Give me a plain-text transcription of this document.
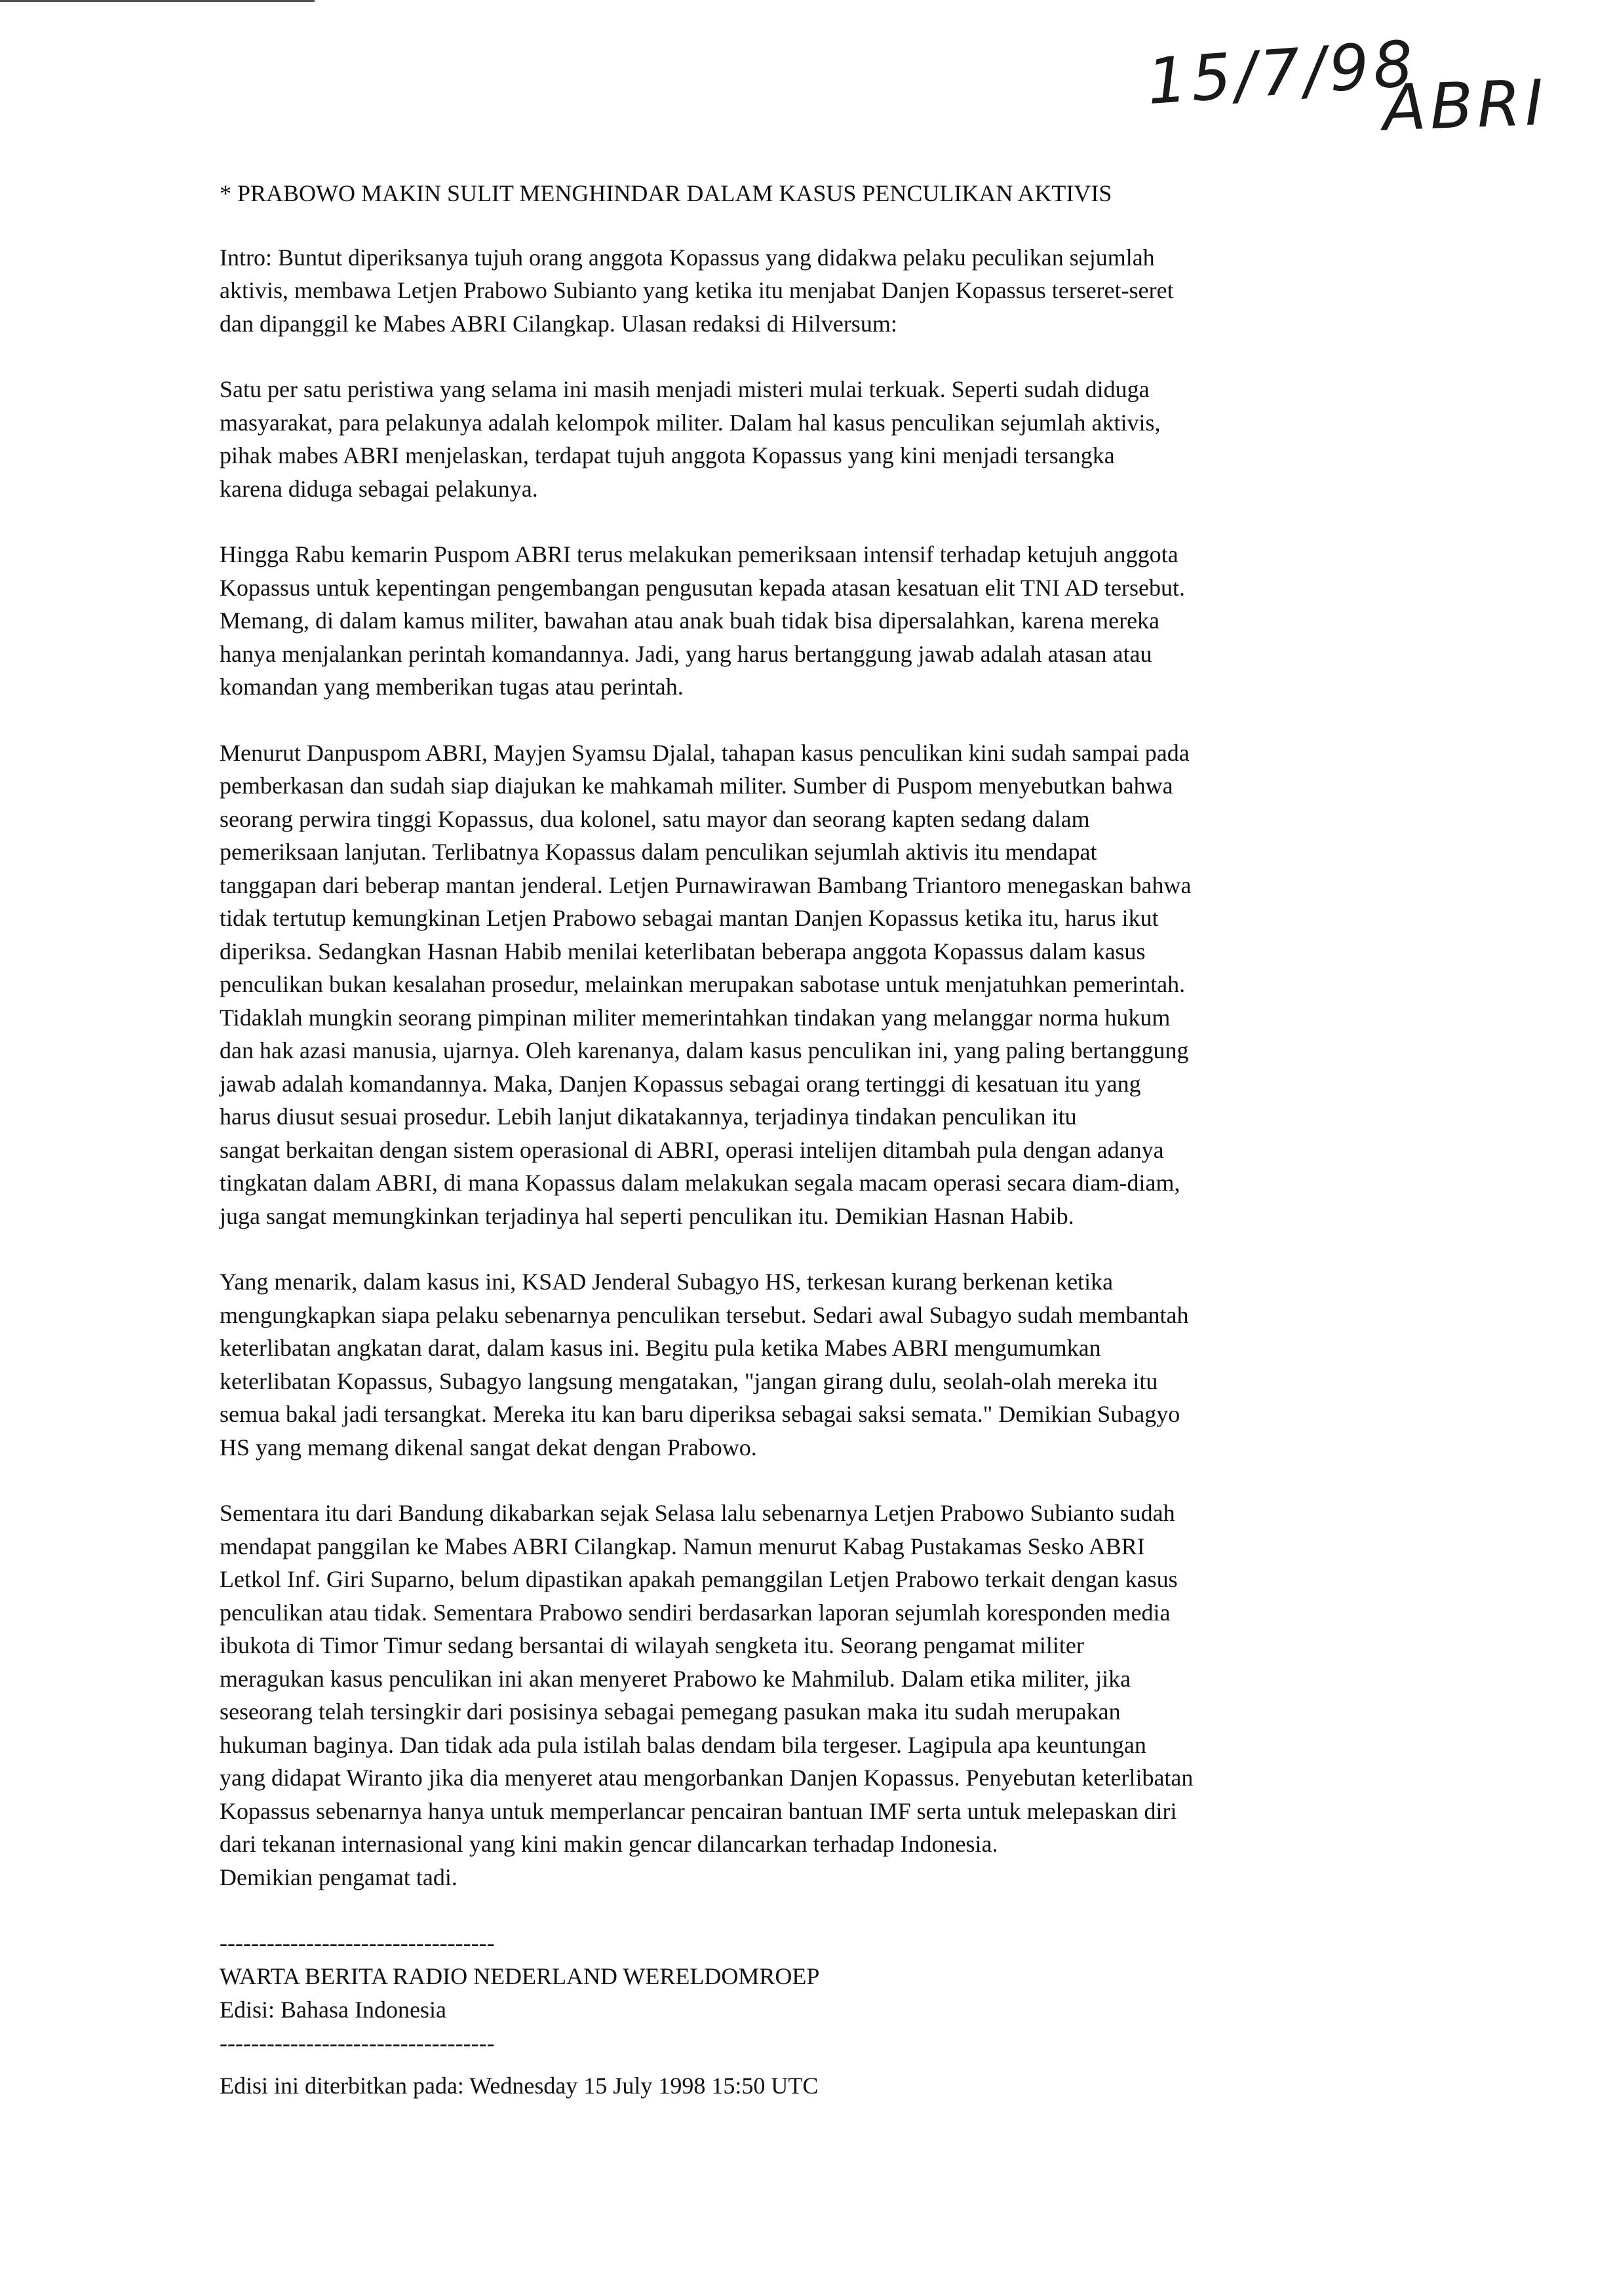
15/7/98
ABRI
* PRABOWO MAKIN SULIT MENGHINDAR DALAM KASUS PENCULIKAN AKTIVIS
Intro: Buntut diperiksanya tujuh orang anggota Kopassus yang didakwa pelaku peculikan sejumlah
aktivis, membawa Letjen Prabowo Subianto yang ketika itu menjabat Danjen Kopassus terseret-seret
dan dipanggil ke Mabes ABRI Cilangkap. Ulasan redaksi di Hilversum:
Satu per satu peristiwa yang selama ini masih menjadi misteri mulai terkuak. Seperti sudah diduga
masyarakat, para pelakunya adalah kelompok militer. Dalam hal kasus penculikan sejumlah aktivis,
pihak mabes ABRI menjelaskan, terdapat tujuh anggota Kopassus yang kini menjadi tersangka
karena diduga sebagai pelakunya.
Hingga Rabu kemarin Puspom ABRI terus melakukan pemeriksaan intensif terhadap ketujuh anggota
Kopassus untuk kepentingan pengembangan pengusutan kepada atasan kesatuan elit TNI AD tersebut.
Memang, di dalam kamus militer, bawahan atau anak buah tidak bisa dipersalahkan, karena mereka
hanya menjalankan perintah komandannya. Jadi, yang harus bertanggung jawab adalah atasan atau
komandan yang memberikan tugas atau perintah.
Menurut Danpuspom ABRI, Mayjen Syamsu Djalal, tahapan kasus penculikan kini sudah sampai pada
pemberkasan dan sudah siap diajukan ke mahkamah militer. Sumber di Puspom menyebutkan bahwa
seorang perwira tinggi Kopassus, dua kolonel, satu mayor dan seorang kapten sedang dalam
pemeriksaan lanjutan. Terlibatnya Kopassus dalam penculikan sejumlah aktivis itu mendapat
tanggapan dari beberap mantan jenderal. Letjen Purnawirawan Bambang Triantoro menegaskan bahwa
tidak tertutup kemungkinan Letjen Prabowo sebagai mantan Danjen Kopassus ketika itu, harus ikut
diperiksa. Sedangkan Hasnan Habib menilai keterlibatan beberapa anggota Kopassus dalam kasus
penculikan bukan kesalahan prosedur, melainkan merupakan sabotase untuk menjatuhkan pemerintah.
Tidaklah mungkin seorang pimpinan militer memerintahkan tindakan yang melanggar norma hukum
dan hak azasi manusia, ujarnya. Oleh karenanya, dalam kasus penculikan ini, yang paling bertanggung
jawab adalah komandannya. Maka, Danjen Kopassus sebagai orang tertinggi di kesatuan itu yang
harus diusut sesuai prosedur. Lebih lanjut dikatakannya, terjadinya tindakan penculikan itu
sangat berkaitan dengan sistem operasional di ABRI, operasi intelijen ditambah pula dengan adanya
tingkatan dalam ABRI, di mana Kopassus dalam melakukan segala macam operasi secara diam-diam,
juga sangat memungkinkan terjadinya hal seperti penculikan itu. Demikian Hasnan Habib.
Yang menarik, dalam kasus ini, KSAD Jenderal Subagyo HS, terkesan kurang berkenan ketika
mengungkapkan siapa pelaku sebenarnya penculikan tersebut. Sedari awal Subagyo sudah membantah
keterlibatan angkatan darat, dalam kasus ini. Begitu pula ketika Mabes ABRI mengumumkan
keterlibatan Kopassus, Subagyo langsung mengatakan, "jangan girang dulu, seolah-olah mereka itu
semua bakal jadi tersangkat. Mereka itu kan baru diperiksa sebagai saksi semata." Demikian Subagyo
HS yang memang dikenal sangat dekat dengan Prabowo.
Sementara itu dari Bandung dikabarkan sejak Selasa lalu sebenarnya Letjen Prabowo Subianto sudah
mendapat panggilan ke Mabes ABRI Cilangkap. Namun menurut Kabag Pustakamas Sesko ABRI
Letkol Inf. Giri Suparno, belum dipastikan apakah pemanggilan Letjen Prabowo terkait dengan kasus
penculikan atau tidak. Sementara Prabowo sendiri berdasarkan laporan sejumlah koresponden media
ibukota di Timor Timur sedang bersantai di wilayah sengketa itu. Seorang pengamat militer
meragukan kasus penculikan ini akan menyeret Prabowo ke Mahmilub. Dalam etika militer, jika
seseorang telah tersingkir dari posisinya sebagai pemegang pasukan maka itu sudah merupakan
hukuman baginya. Dan tidak ada pula istilah balas dendam bila tergeser. Lagipula apa keuntungan
yang didapat Wiranto jika dia menyeret atau mengorbankan Danjen Kopassus. Penyebutan keterlibatan
Kopassus sebenarnya hanya untuk memperlancar pencairan bantuan IMF serta untuk melepaskan diri
dari tekanan internasional yang kini makin gencar dilancarkan terhadap Indonesia.
Demikian pengamat tadi.
-----------------------------------
WARTA BERITA RADIO NEDERLAND WERELDOMROEP
Edisi: Bahasa Indonesia
-----------------------------------
Edisi ini diterbitkan pada: Wednesday 15 July 1998 15:50 UTC
